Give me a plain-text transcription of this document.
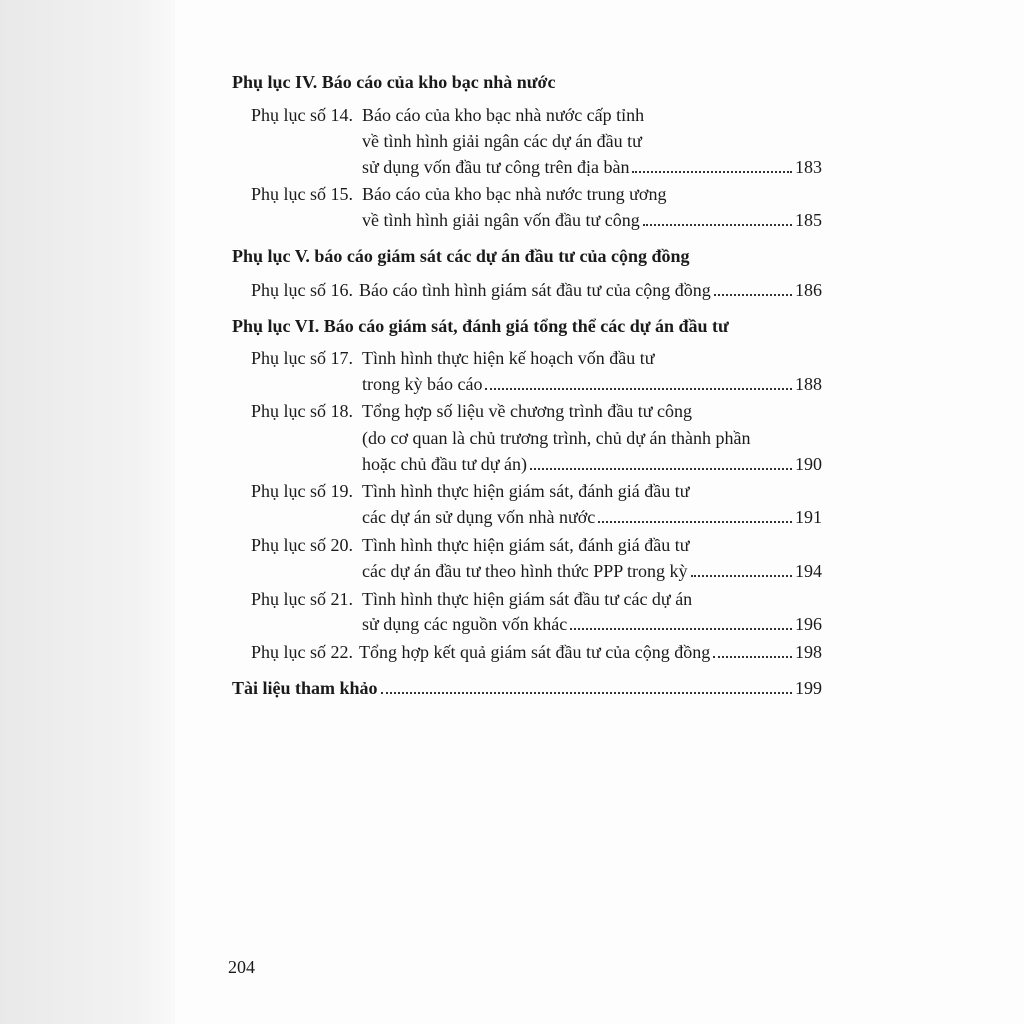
Phụ lục IV. Báo cáo của kho bạc nhà nước
Phụ lục số 14. Báo cáo của kho bạc nhà nước cấp tỉnh
về tình hình giải ngân các dự án đầu tư
sử dụng vốn đầu tư công trên địa bàn	183
Phụ lục số 15. Báo cáo của kho bạc nhà nước trung ương
về tình hình giải ngân vốn đầu tư công	185
Phụ lục V. báo cáo giám sát các dự án đầu tư của cộng đồng
Phụ lục số 16. Báo cáo tình hình giám sát đầu tư của cộng đồng	186
Phụ lục VI. Báo cáo giám sát, đánh giá tổng thể các dự án đầu tư
Phụ lục số 17. Tình hình thực hiện kế hoạch vốn đầu tư
trong kỳ báo cáo	188
Phụ lục số 18. Tổng hợp số liệu về chương trình đầu tư công
(do cơ quan là chủ trương trình, chủ dự án thành phần
hoặc chủ đầu tư dự án)	190
Phụ lục số 19. Tình hình thực hiện giám sát, đánh giá đầu tư
các dự án sử dụng vốn nhà nước	191
Phụ lục số 20. Tình hình thực hiện giám sát, đánh giá đầu tư
các dự án đầu tư theo hình thức PPP trong kỳ	194
Phụ lục số 21. Tình hình thực hiện giám sát đầu tư các dự án
sử dụng các nguồn vốn khác	196
Phụ lục số 22. Tổng hợp kết quả giám sát đầu tư của cộng đồng	198
Tài liệu tham khảo	199
204
